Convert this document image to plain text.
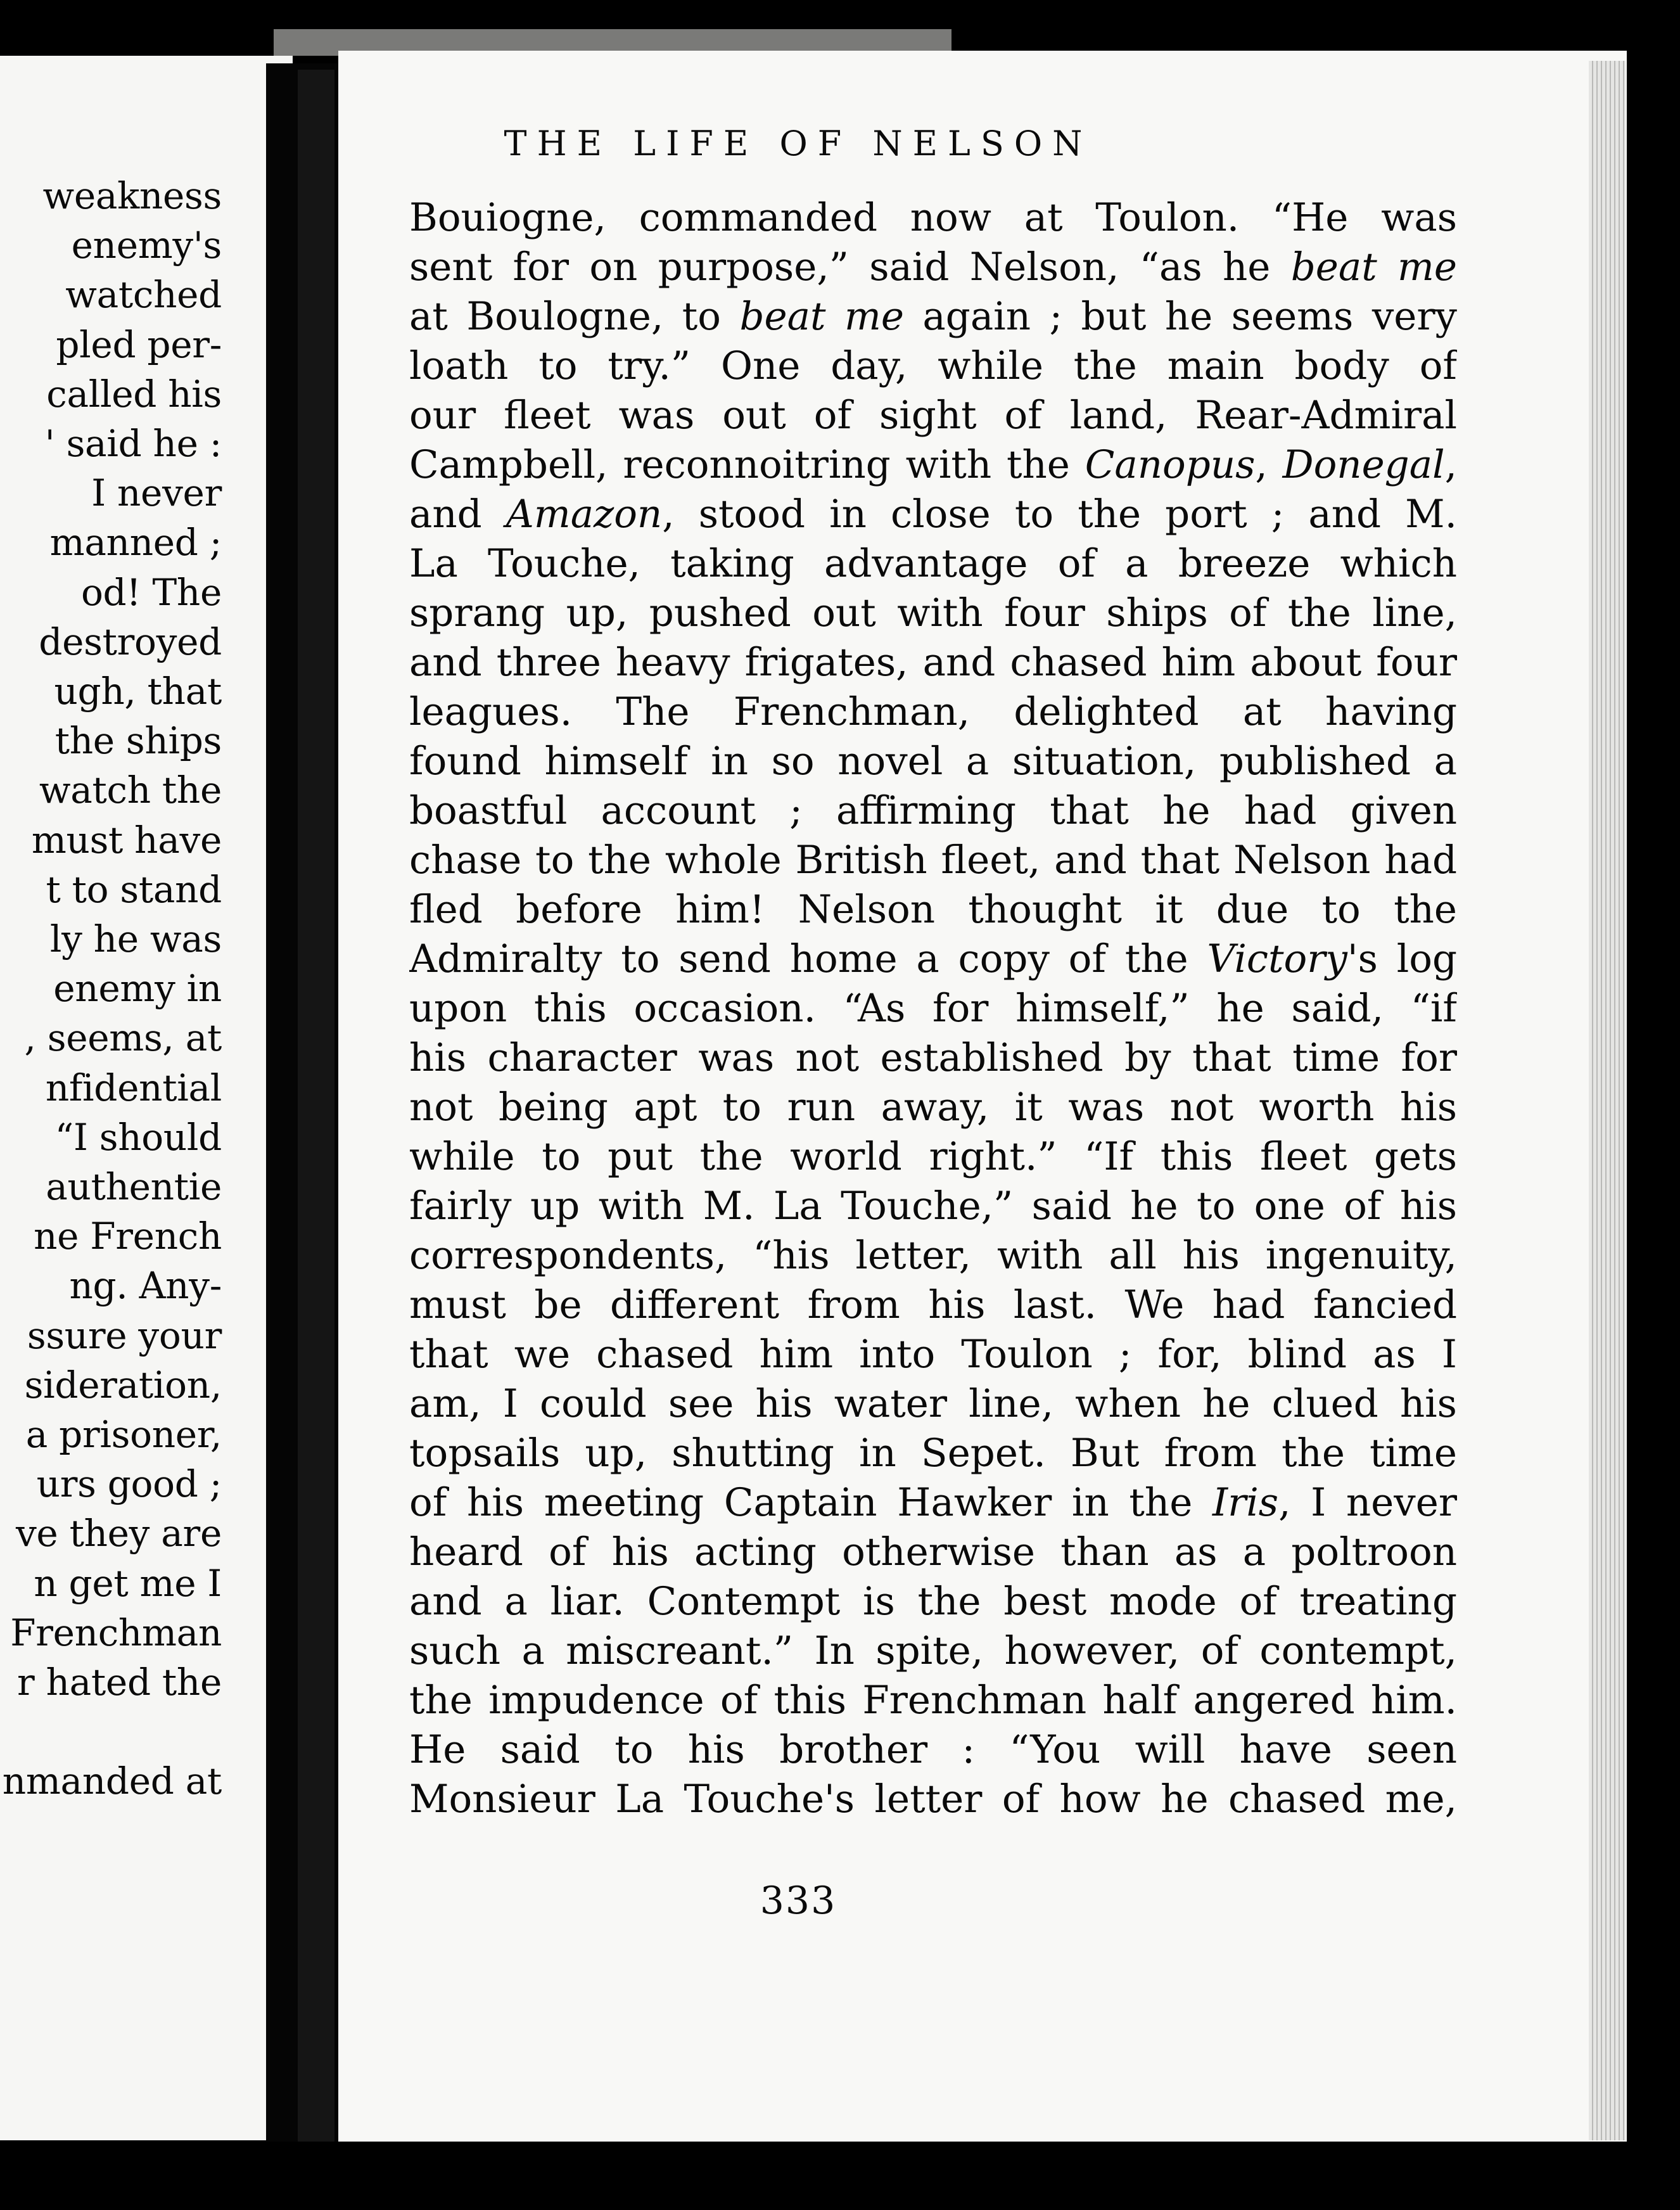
weakness
enemy's
watched
pled per-
called his
' said he :
I never
manned ;
od! The
destroyed
ugh, that
the ships
watch the
must have
t to stand
ly he was
enemy in
, seems, at
nfidential
“I should
authentie
ne French
ng. Any-
ssure your
sideration,
a prisoner,
urs good ;
ve they are
n get me I
Frenchman
r hated the
nmanded at
THE LIFE OF NELSON
Bouiogne, commanded now at Toulon. “He was
sent for on purpose,” said Nelson, “as he beat me
at Boulogne, to beat me again ; but he seems very
loath to try.” One day, while the main body of
our fleet was out of sight of land, Rear-Admiral
Campbell, reconnoitring with the Canopus, Donegal,
and Amazon, stood in close to the port ; and M.
La Touche, taking advantage of a breeze which
sprang up, pushed out with four ships of the line,
and three heavy frigates, and chased him about four
leagues. The Frenchman, delighted at having
found himself in so novel a situation, published a
boastful account ; affirming that he had given
chase to the whole British fleet, and that Nelson had
fled before him! Nelson thought it due to the
Admiralty to send home a copy of the Victory's log
upon this occasion. “As for himself,” he said, “if
his character was not established by that time for
not being apt to run away, it was not worth his
while to put the world right.” “If this fleet gets
fairly up with M. La Touche,” said he to one of his
correspondents, “his letter, with all his ingenuity,
must be different from his last. We had fancied
that we chased him into Toulon ; for, blind as I
am, I could see his water line, when he clued his
topsails up, shutting in Sepet. But from the time
of his meeting Captain Hawker in the Iris, I never
heard of his acting otherwise than as a poltroon
and a liar. Contempt is the best mode of treating
such a miscreant.” In spite, however, of contempt,
the impudence of this Frenchman half angered him.
He said to his brother : “You will have seen
Monsieur La Touche's letter of how he chased me,
333
